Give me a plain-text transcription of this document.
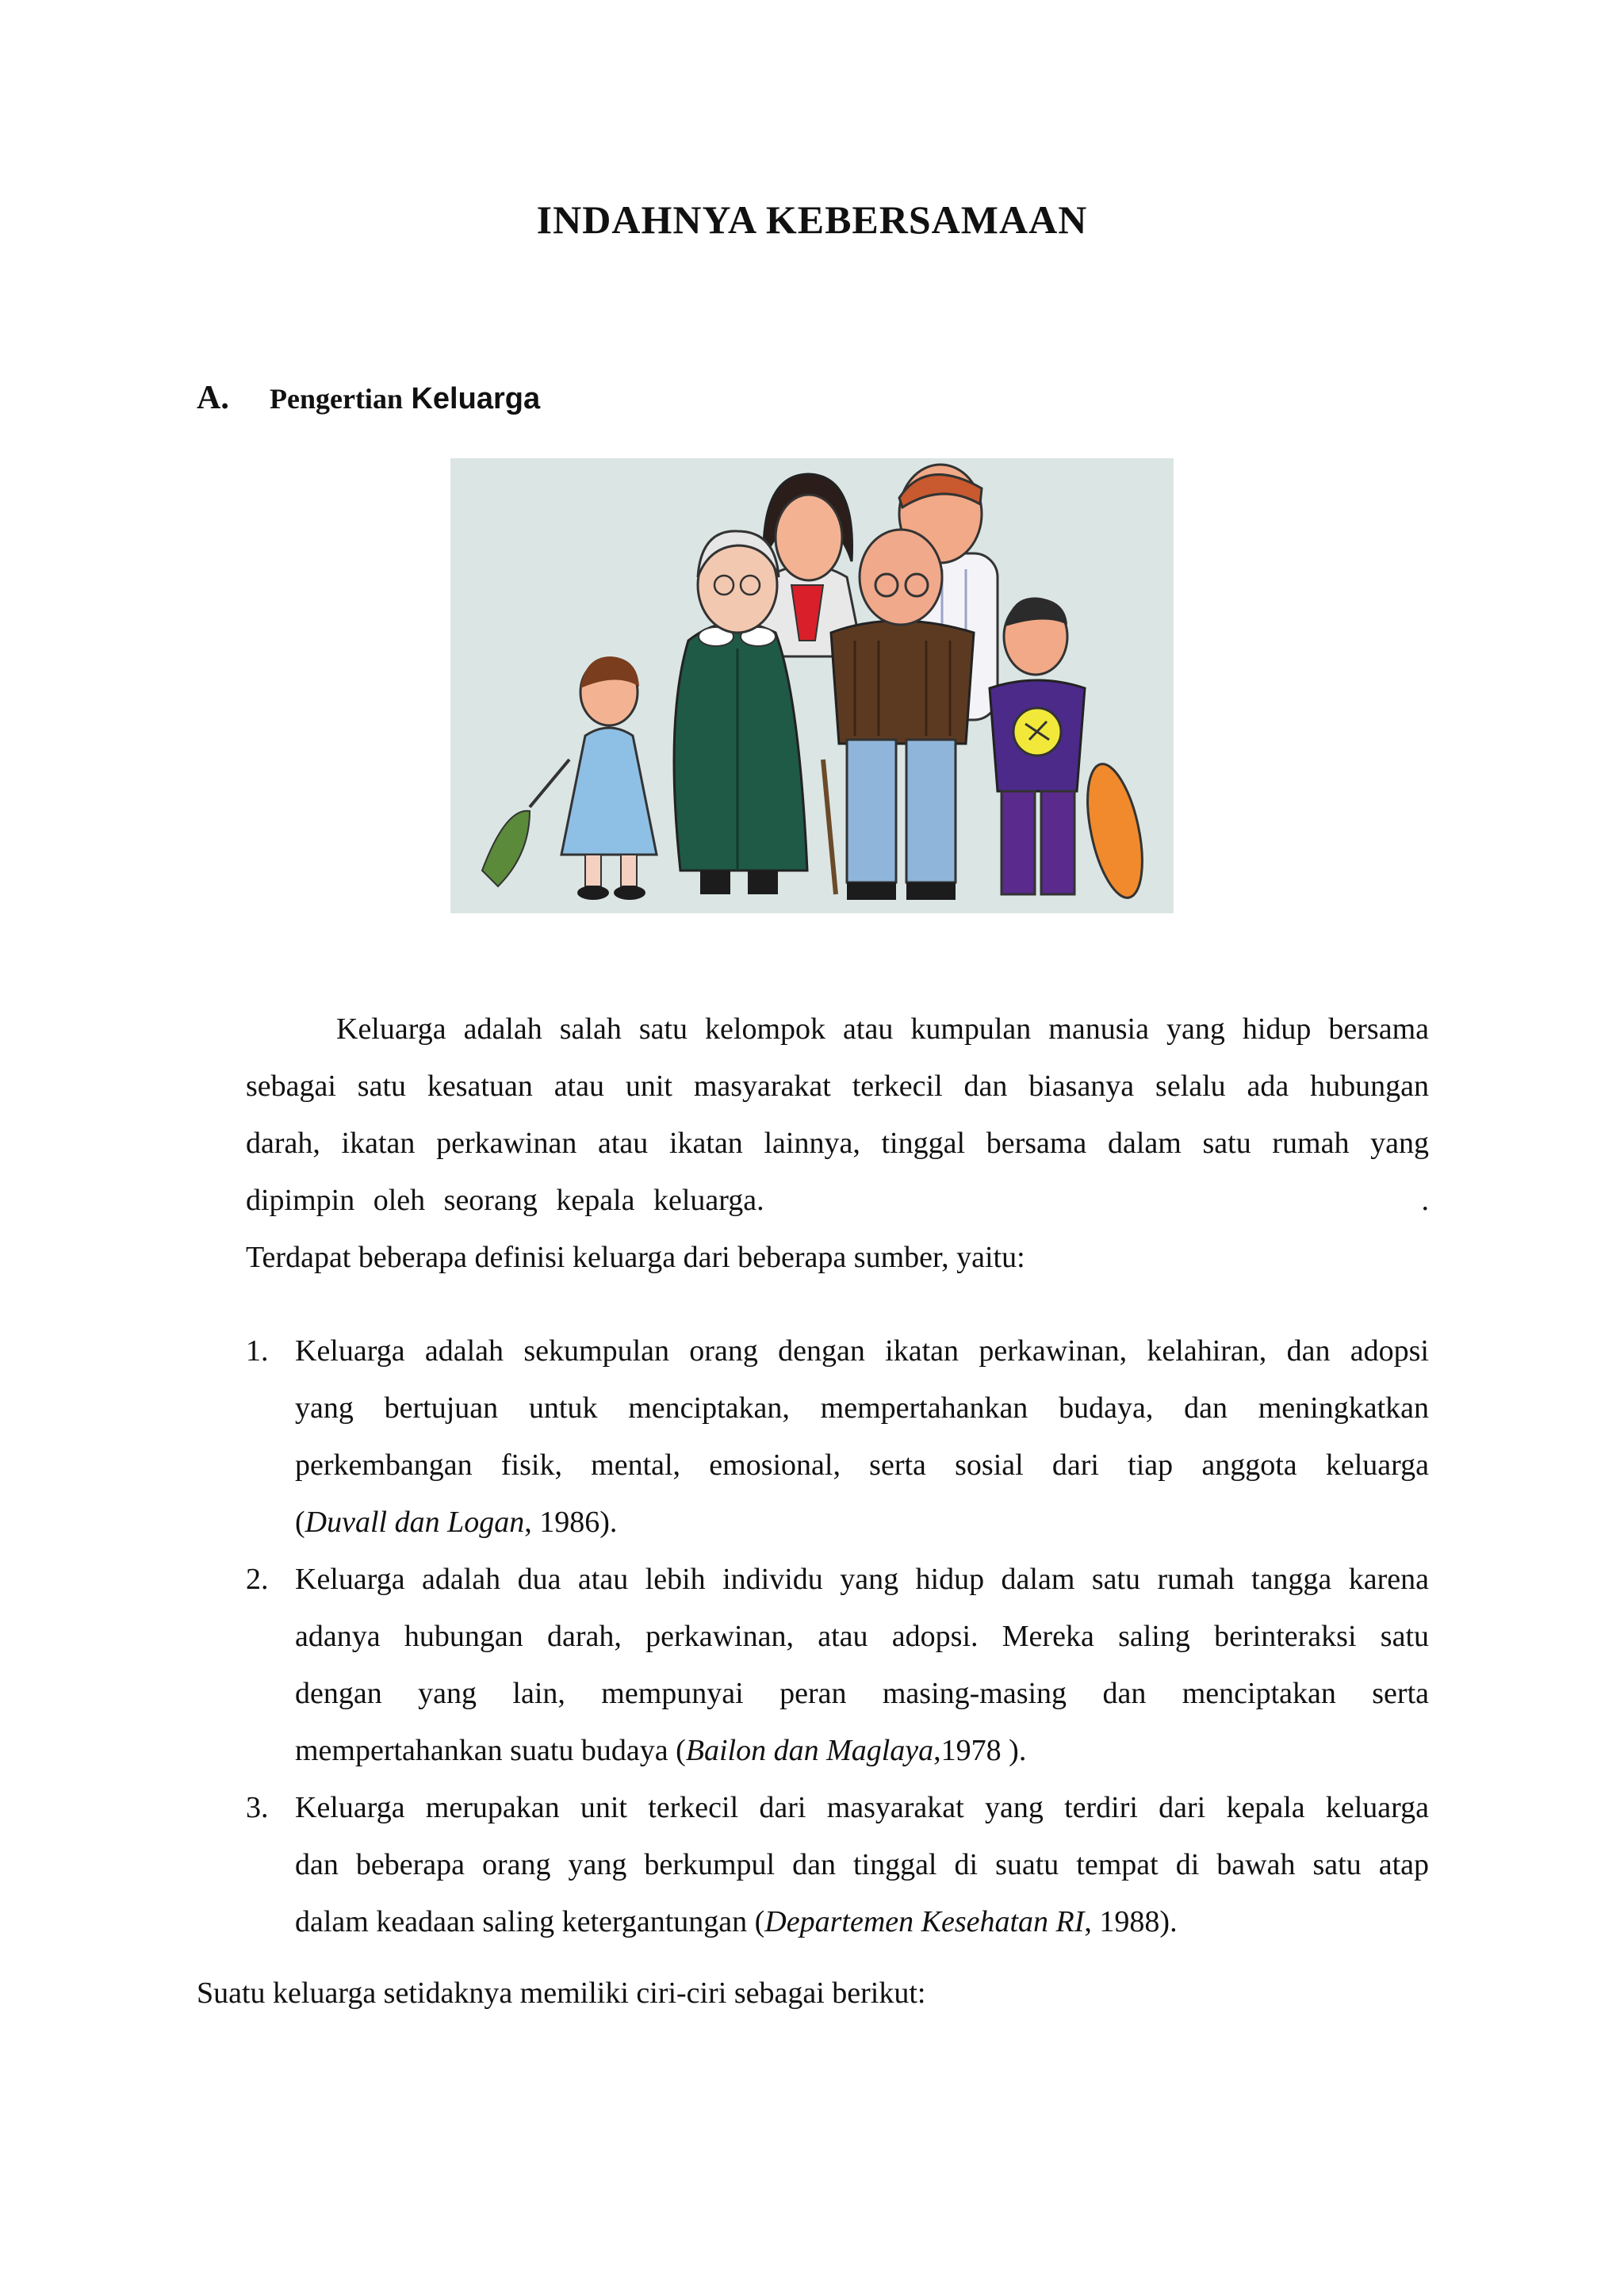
INDAHNYA KEBERSAMAAN
A. Pengertian Keluarga
Keluarga adalah salah satu kelompok atau kumpulan manusia yang hidup bersama
sebagai satu kesatuan atau unit masyarakat terkecil dan biasanya selalu ada hubungan
darah, ikatan perkawinan atau ikatan lainnya, tinggal bersama dalam satu rumah yang
dipimpin oleh seorang kepala keluarga.	.
Terdapat beberapa definisi keluarga dari beberapa sumber, yaitu:
1. Keluarga adalah sekumpulan orang dengan ikatan perkawinan, kelahiran, dan adopsi
yang bertujuan untuk menciptakan, mempertahankan budaya, dan meningkatkan
perkembangan fisik, mental, emosional, serta sosial dari tiap anggota keluarga
(Duvall dan Logan, 1986).
2. Keluarga adalah dua atau lebih individu yang hidup dalam satu rumah tangga karena
adanya hubungan darah, perkawinan, atau adopsi. Mereka saling berinteraksi satu
dengan yang lain, mempunyai peran masing-masing dan menciptakan serta
mempertahankan suatu budaya (Bailon dan Maglaya,1978 ).
3. Keluarga merupakan unit terkecil dari masyarakat yang terdiri dari kepala keluarga
dan beberapa orang yang berkumpul dan tinggal di suatu tempat di bawah satu atap
dalam keadaan saling ketergantungan (Departemen Kesehatan RI, 1988).

Suatu keluarga setidaknya memiliki ciri-ciri sebagai berikut:
